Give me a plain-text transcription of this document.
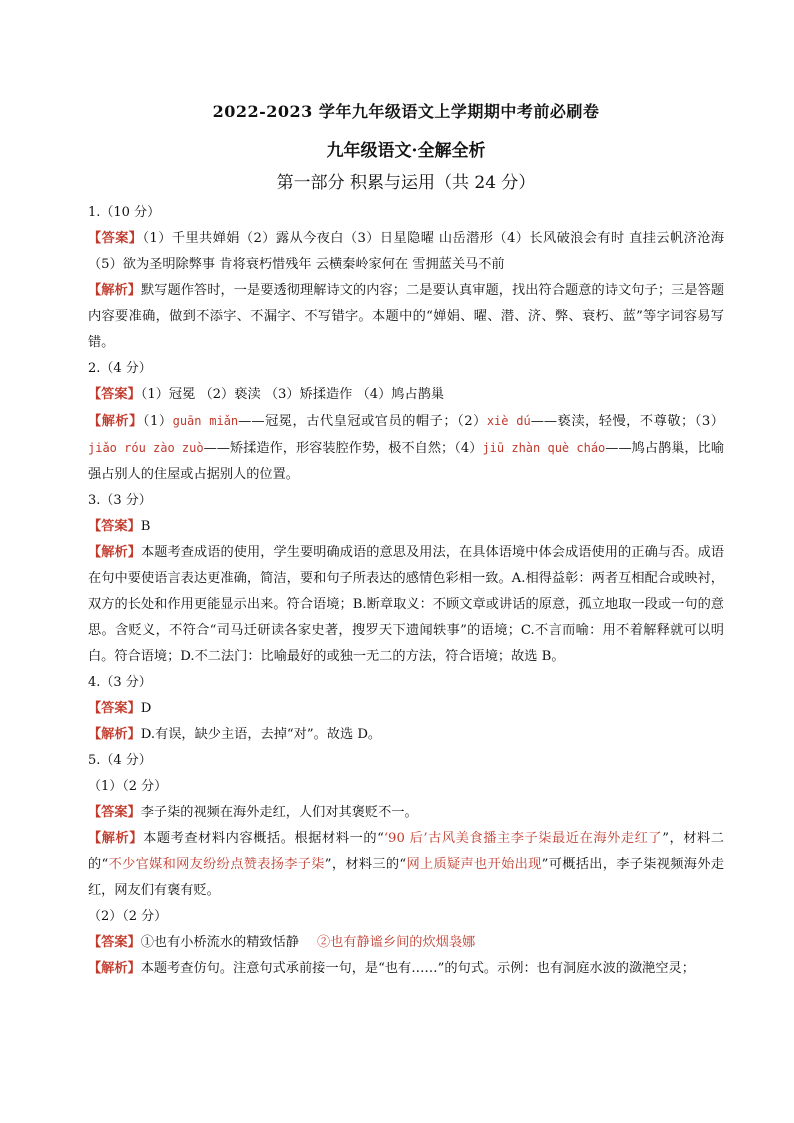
2022-2023 学年九年级语文上学期期中考前必刷卷
九年级语文·全解全析
第一部分 积累与运用（共 24 分）
1.（10 分）
【答案】（1）千里共婵娟（2）露从今夜白（3）日星隐曜 山岳潜形（4）长风破浪会有时 直挂云帆济沧海 （5）欲为圣明除弊事 肯将衰朽惜残年 云横秦岭家何在 雪拥蓝关马不前
【解析】默写题作答时，一是要透彻理解诗文的内容；二是要认真审题，找出符合题意的诗文句子；三是答题内容要准确，做到不添字、不漏字、不写错字。本题中的“婵娟、曜、潜、济、弊、衰朽、蓝”等字词容易写错。
2.（4 分）
【答案】（1）冠冕 （2）亵渎 （3）矫揉造作 （4）鸠占鹊巢
【解析】（1）guān miǎn——冠冕，古代皇冠或官员的帽子；（2）xiè dú——亵渎，轻慢，不尊敬；（3）jiǎo róu zào zuò——矫揉造作，形容装腔作势，极不自然；（4）jiū zhàn què cháo——鸠占鹊巢，比喻强占别人的住屋或占据别人的位置。
3.（3 分）
【答案】B
【解析】本题考查成语的使用，学生要明确成语的意思及用法，在具体语境中体会成语使用的正确与否。成语在句中要使语言表达更准确，简洁，要和句子所表达的感情色彩相一致。A.相得益彰：两者互相配合或映衬，双方的长处和作用更能显示出来。符合语境；B.断章取义：不顾文章或讲话的原意，孤立地取一段或一句的意思。含贬义，不符合“司马迁研读各家史著，搜罗天下遗闻轶事”的语境；C.不言而喻：用不着解释就可以明白。符合语境；D.不二法门：比喻最好的或独一无二的方法，符合语境；故选 B。
4.（3 分）
【答案】D
【解析】D.有误，缺少主语，去掉“对”。故选 D。
5.（4 分）
（1）（2 分）
【答案】李子柒的视频在海外走红，人们对其褒贬不一。
【解析】本题考查材料内容概括。根据材料一的“‘90 后’古风美食播主李子柒最近在海外走红了”，材料二的“不少官媒和网友纷纷点赞表扬李子柒”，材料三的“网上质疑声也开始出现”可概括出，李子柒视频海外走红，网友们有褒有贬。
（2）（2 分）
【答案】①也有小桥流水的精致恬静 ②也有静谧乡间的炊烟袅娜
【解析】本题考查仿句。注意句式承前接一句，是“也有……”的句式。示例：也有洞庭水波的潋滟空灵；
